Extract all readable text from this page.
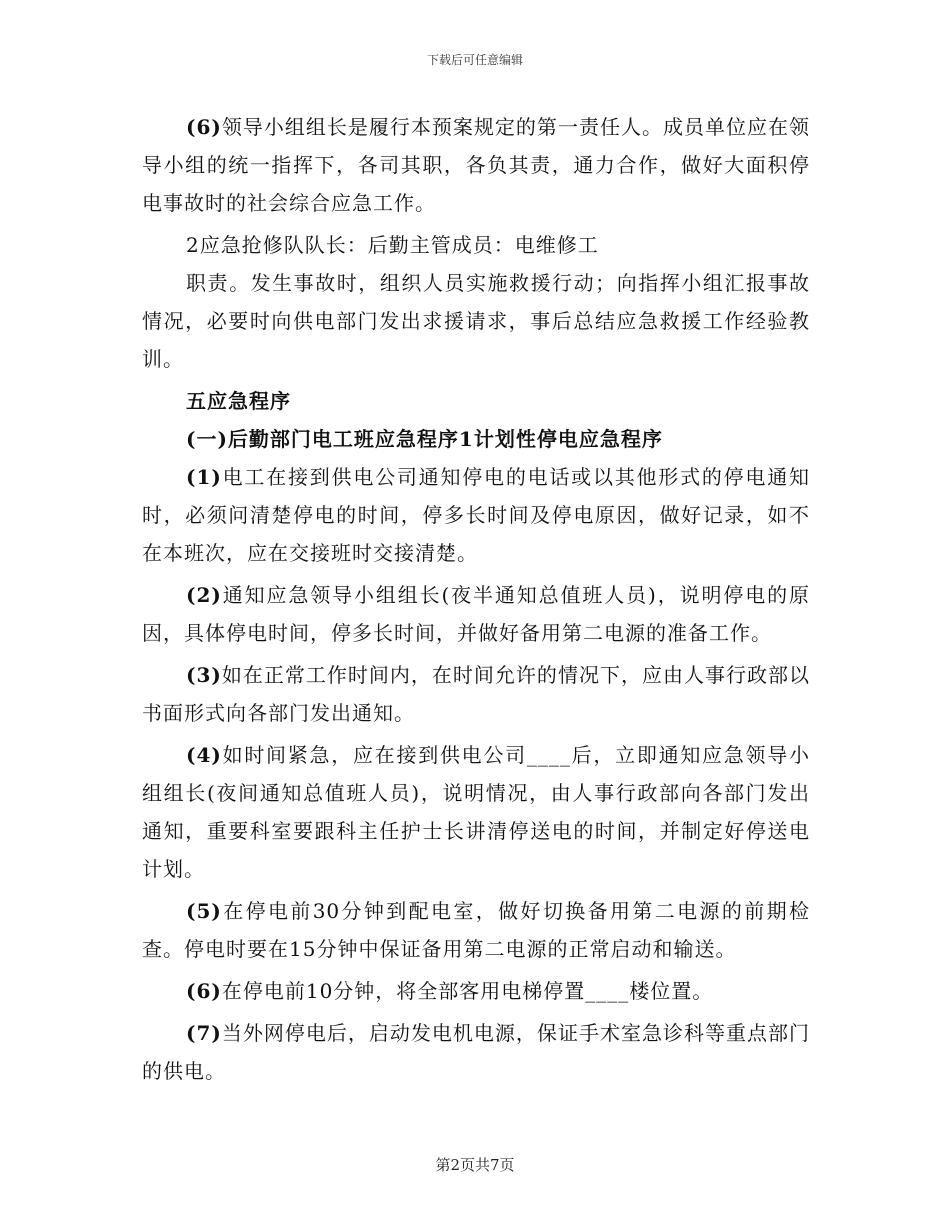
下载后可任意编辑

(6)领导小组组长是履行本预案规定的第一责任人。成员单位应在领导小组的统一指挥下，各司其职，各负其责，通力合作，做好大面积停电事故时的社会综合应急工作。

2应急抢修队队长：后勤主管成员：电维修工

职责。发生事故时，组织人员实施救援行动；向指挥小组汇报事故情况，必要时向供电部门发出求援请求，事后总结应急救援工作经验教训。

五应急程序

(一)后勤部门电工班应急程序1计划性停电应急程序

(1)电工在接到供电公司通知停电的电话或以其他形式的停电通知时，必须问清楚停电的时间，停多长时间及停电原因，做好记录，如不在本班次，应在交接班时交接清楚。

(2)通知应急领导小组组长(夜半通知总值班人员)，说明停电的原因，具体停电时间，停多长时间，并做好备用第二电源的准备工作。

(3)如在正常工作时间内，在时间允许的情况下，应由人事行政部以书面形式向各部门发出通知。

(4)如时间紧急，应在接到供电公司____后，立即通知应急领导小组组长(夜间通知总值班人员)，说明情况，由人事行政部向各部门发出通知，重要科室要跟科主任护士长讲清停送电的时间，并制定好停送电计划。

(5)在停电前30分钟到配电室，做好切换备用第二电源的前期检查。停电时要在15分钟中保证备用第二电源的正常启动和输送。

(6)在停电前10分钟，将全部客用电梯停置____楼位置。

(7)当外网停电后，启动发电机电源，保证手术室急诊科等重点部门的供电。

第2页共7页
